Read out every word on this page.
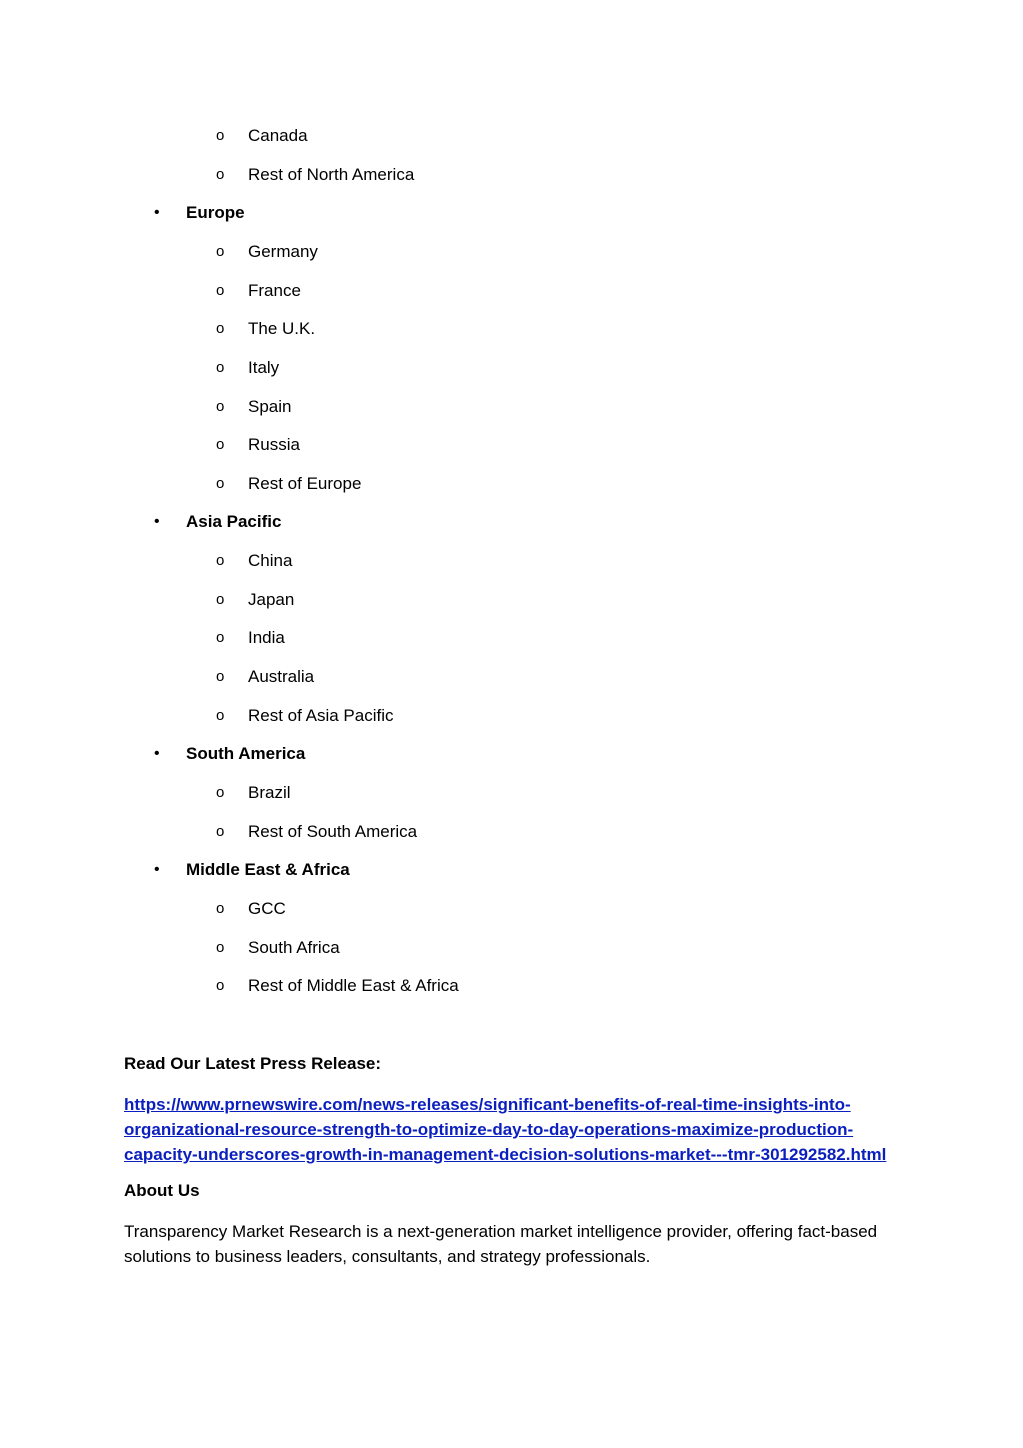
o Canada
o Rest of North America
• Europe
o Germany
o France
o The U.K.
o Italy
o Spain
o Russia
o Rest of Europe
• Asia Pacific
o China
o Japan
o India
o Australia
o Rest of Asia Pacific
• South America
o Brazil
o Rest of South America
• Middle East & Africa
o GCC
o South Africa
o Rest of Middle East & Africa
Read Our Latest Press Release:
https://www.prnewswire.com/news-releases/significant-benefits-of-real-time-insights-into-
organizational-resource-strength-to-optimize-day-to-day-operations-maximize-production-
capacity-underscores-growth-in-management-decision-solutions-market---tmr-301292582.html
About Us
Transparency Market Research is a next-generation market intelligence provider, offering fact-based solutions to business leaders, consultants, and strategy professionals.
